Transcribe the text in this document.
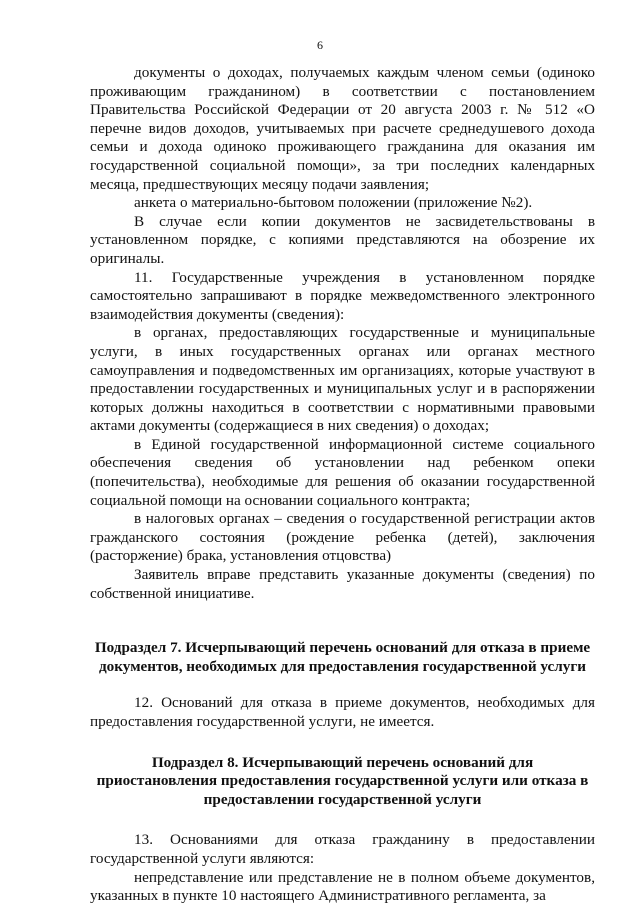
6

документы о доходах, получаемых каждым членом семьи (одиноко проживающим гражданином) в соответствии с постановлением Правительства Российской Федерации от 20 августа 2003 г. № 512 «О перечне видов доходов, учитываемых при расчете среднедушевого дохода семьи и дохода одиноко проживающего гражданина для оказания им государственной социальной помощи», за три последних календарных месяца, предшествующих месяцу подачи заявления;

анкета о материально-бытовом положении (приложение №2).

В случае если копии документов не засвидетельствованы в установленном порядке, с копиями представляются на обозрение их оригиналы.

11. Государственные учреждения в установленном порядке самостоятельно запрашивают в порядке межведомственного электронного взаимодействия документы (сведения):

в органах, предоставляющих государственные и муниципальные услуги, в иных государственных органах или органах местного самоуправления и подведомственных им организациях, которые участвуют в предоставлении государственных и муниципальных услуг и в распоряжении которых должны находиться в соответствии с нормативными правовыми актами документы (содержащиеся в них сведения) о доходах;

в Единой государственной информационной системе социального обеспечения сведения об установлении над ребенком опеки (попечительства), необходимые для решения об оказании государственной социальной помощи на основании социального контракта;

в налоговых органах – сведения о государственной регистрации актов гражданского состояния (рождение ребенка (детей), заключения (расторжение) брака, установления отцовства)

Заявитель вправе представить указанные документы (сведения) по собственной инициативе.

Подраздел 7. Исчерпывающий перечень оснований для отказа в приеме документов, необходимых для предоставления государственной услуги

12. Оснований для отказа в приеме документов, необходимых для предоставления государственной услуги, не имеется.

Подраздел 8. Исчерпывающий перечень оснований для приостановления предоставления государственной услуги или отказа в предоставлении государственной услуги

13. Основаниями для отказа гражданину в предоставлении государственной услуги являются:

непредставление или представление не в полном объеме документов, указанных в пункте 10 настоящего Административного регламента, за
